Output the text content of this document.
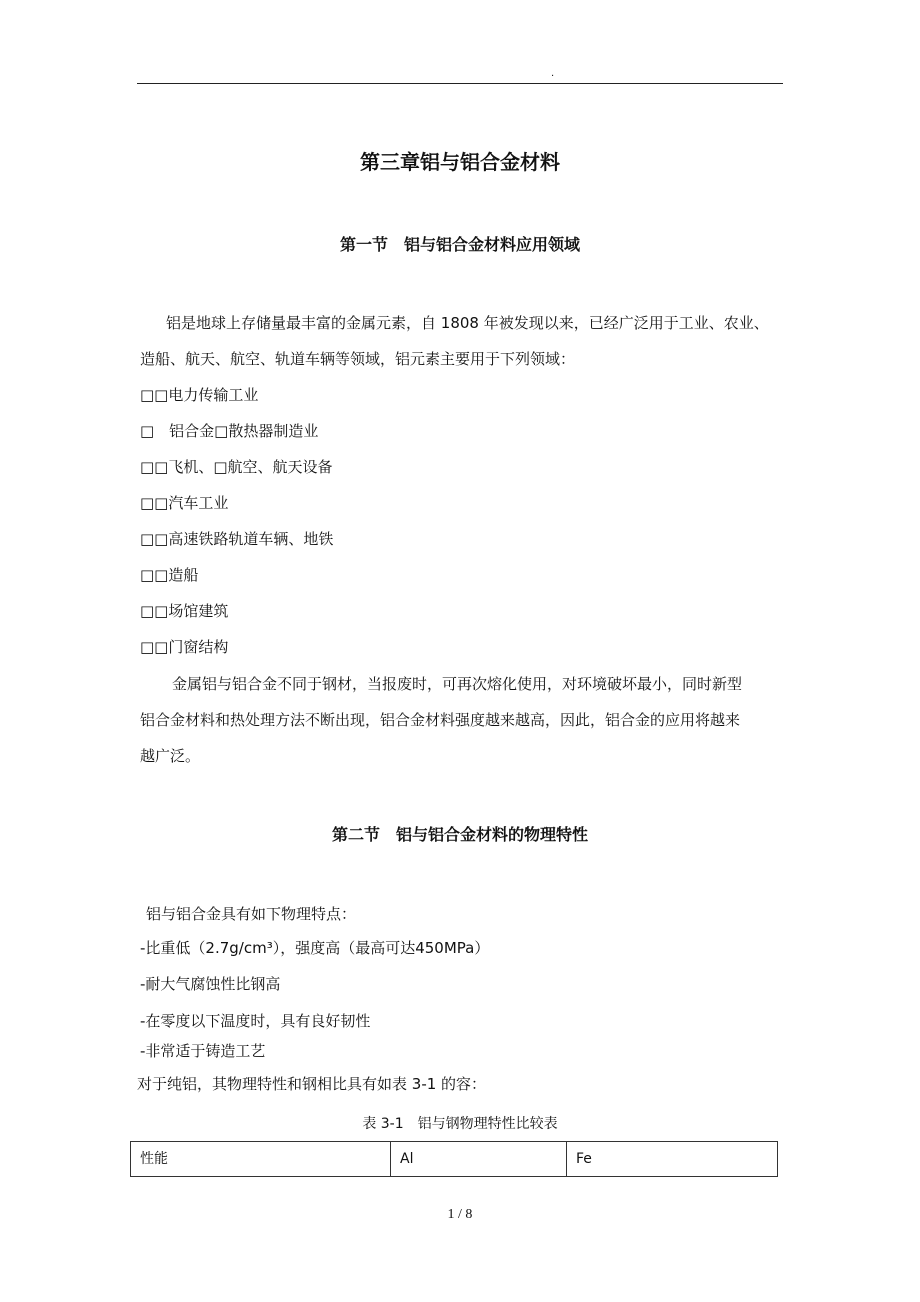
.
第三章铝与铝合金材料
第一节　铝与铝合金材料应用领域
铝是地球上存储量最丰富的金属元素，自 1808 年被发现以来，已经广泛用于工业、农业、
造船、航天、航空、轨道车辆等领域，铝元素主要用于下列领域：
□□电力传输工业
□　铝合金□散热器制造业
□□飞机、□航空、航天设备
□□汽车工业
□□高速铁路轨道车辆、地铁
□□造船
□□场馆建筑
□□门窗结构
金属铝与铝合金不同于钢材，当报废时，可再次熔化使用，对环境破坏最小，同时新型
铝合金材料和热处理方法不断出现，铝合金材料强度越来越高，因此，铝合金的应用将越来
越广泛。
第二节　铝与铝合金材料的物理特性
铝与铝合金具有如下物理特点：
-比重低（2.7g/cm³），强度高（最高可达450MPa）
-耐大气腐蚀性比钢高
-在零度以下温度时，具有良好韧性
-非常适于铸造工艺
对于纯铝，其物理特性和钢相比具有如表 3-1 的容：
表 3-1　铝与钢物理特性比较表
性能	Al	Fe
1 / 8
